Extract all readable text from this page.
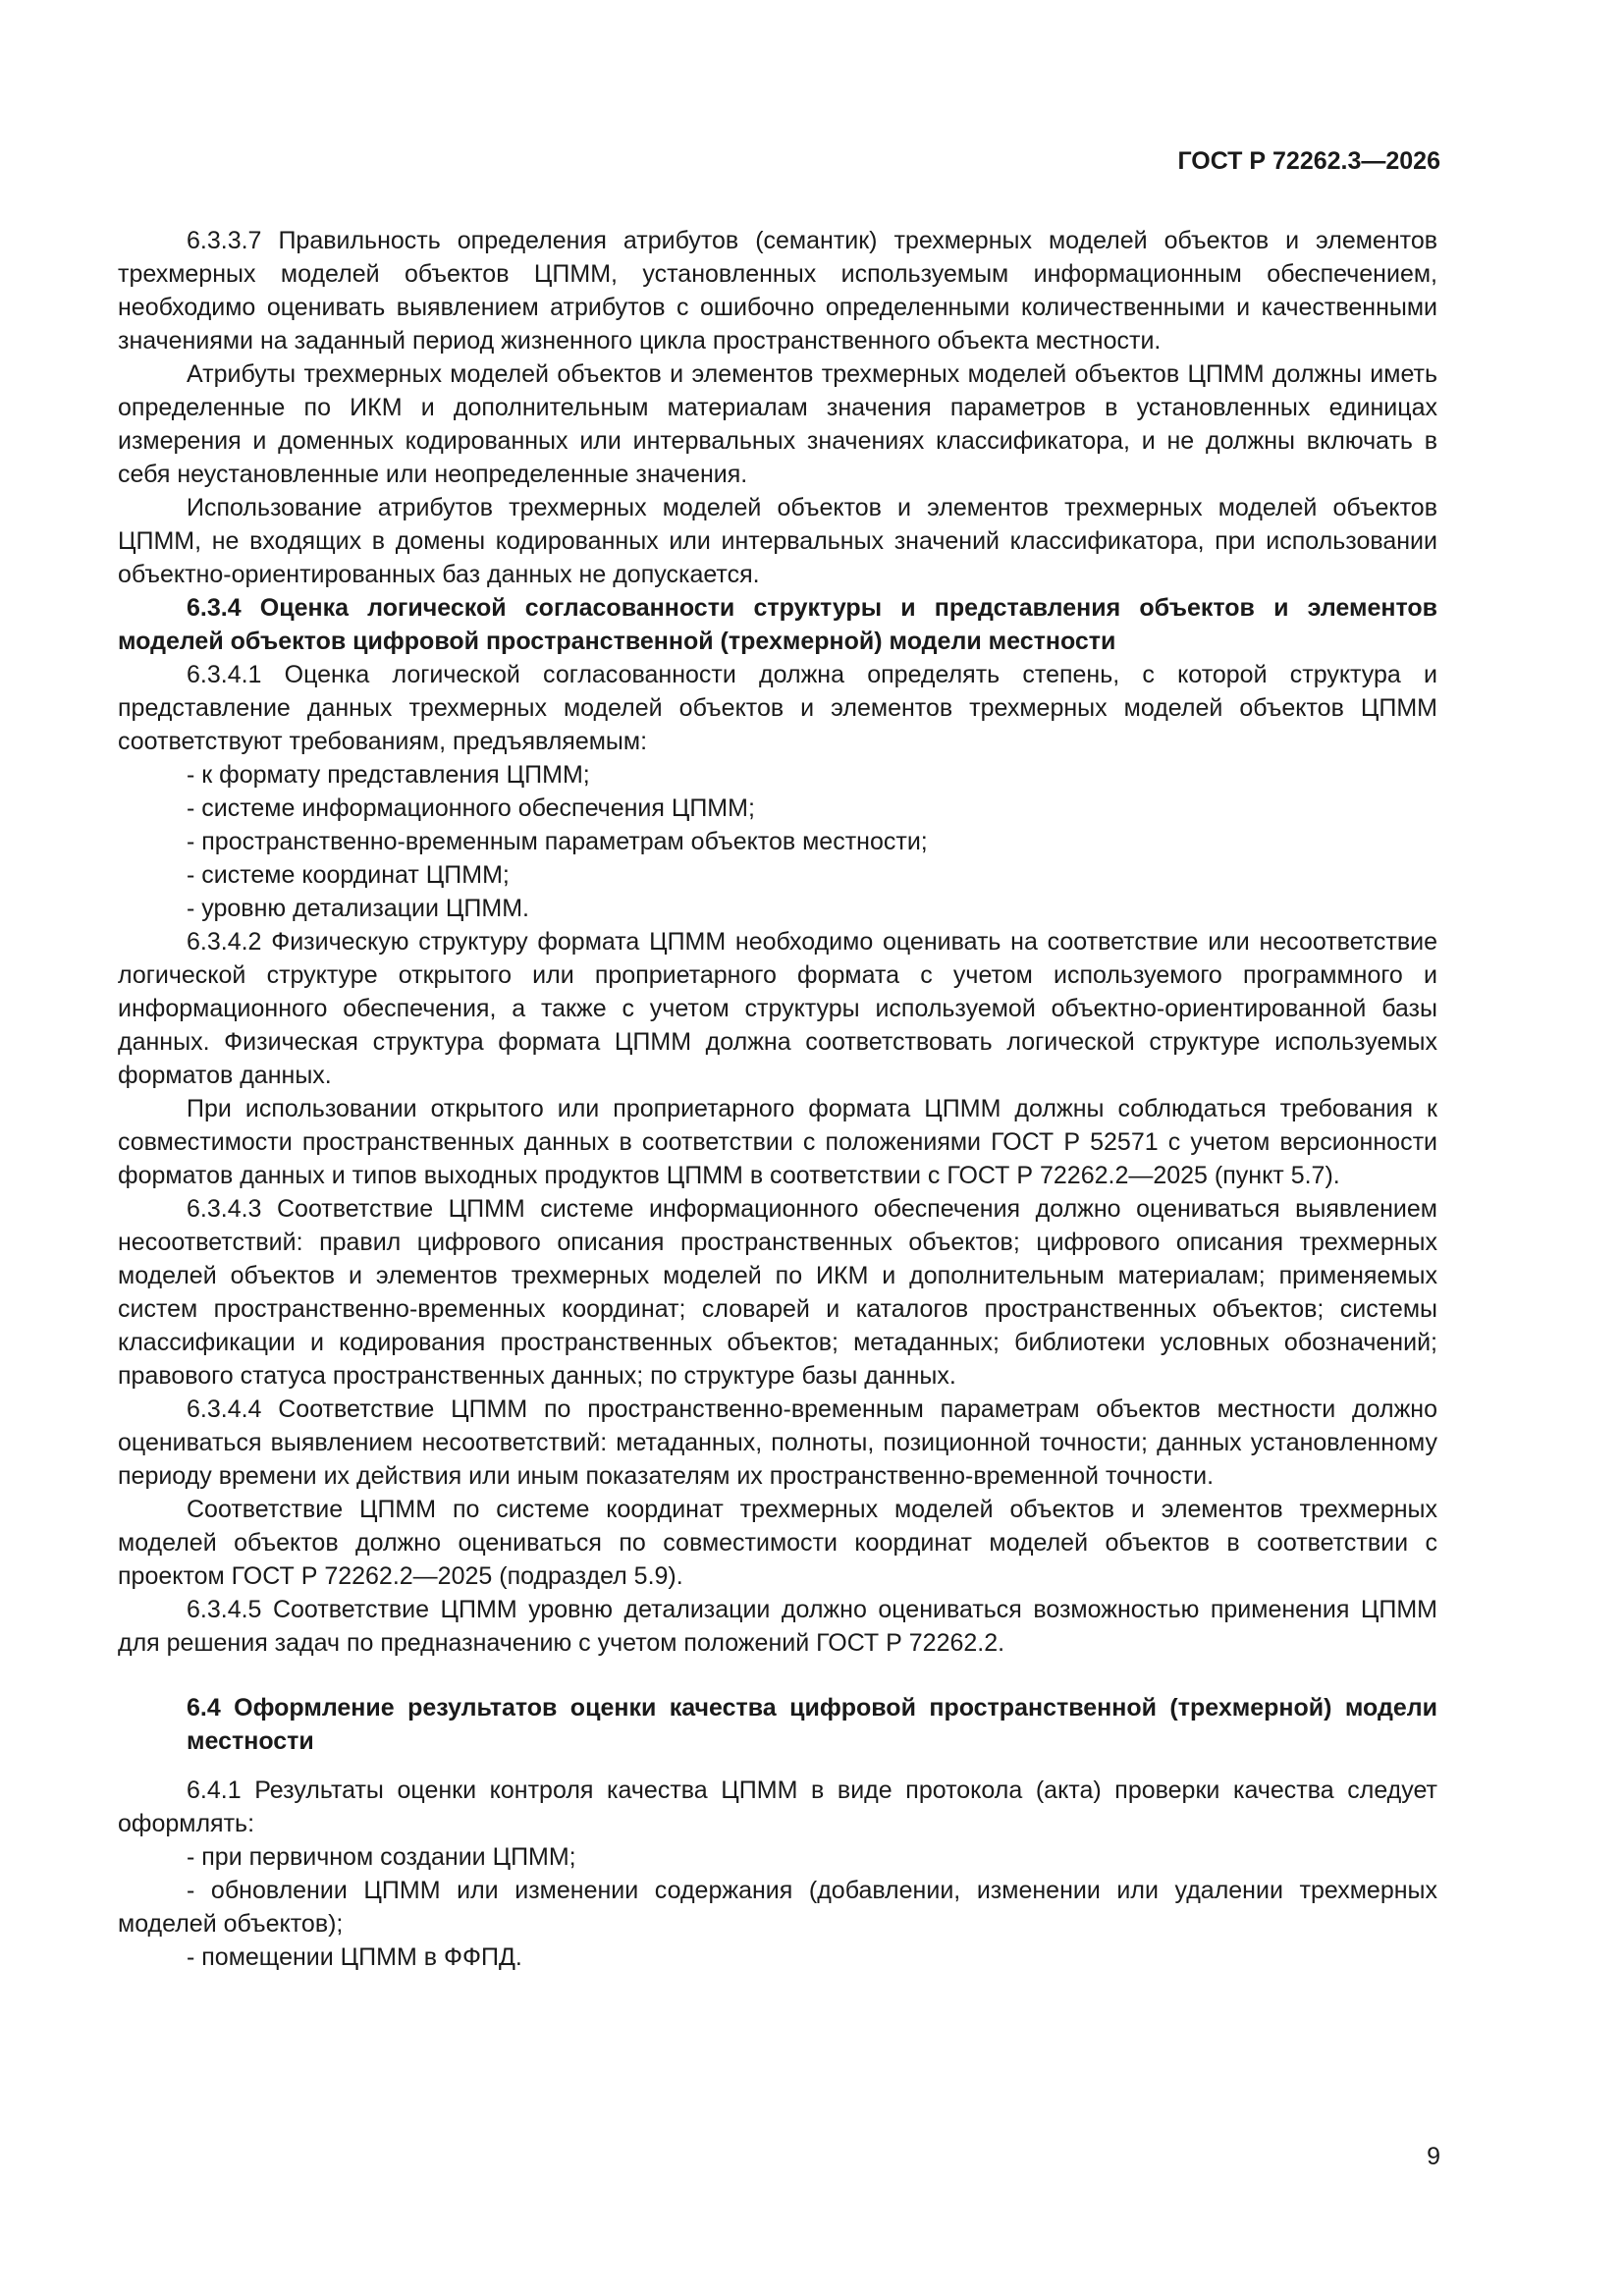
ГОСТ Р 72262.3—2026

6.3.3.7 Правильность определения атрибутов (семантик) трехмерных моделей объектов и элементов трехмерных моделей объектов ЦПММ, установленных используемым информационным обеспечением, необходимо оценивать выявлением атрибутов с ошибочно определенными количественными и качественными значениями на заданный период жизненного цикла пространственного объекта местности.

Атрибуты трехмерных моделей объектов и элементов трехмерных моделей объектов ЦПММ должны иметь определенные по ИКМ и дополнительным материалам значения параметров в установленных единицах измерения и доменных кодированных или интервальных значениях классификатора, и не должны включать в себя неустановленные или неопределенные значения.

Использование атрибутов трехмерных моделей объектов и элементов трехмерных моделей объектов ЦПММ, не входящих в домены кодированных или интервальных значений классификатора, при использовании объектно-ориентированных баз данных не допускается.

6.3.4 Оценка логической согласованности структуры и представления объектов и элементов моделей объектов цифровой пространственной (трехмерной) модели местности

6.3.4.1 Оценка логической согласованности должна определять степень, с которой структура и представление данных трехмерных моделей объектов и элементов трехмерных моделей объектов ЦПММ соответствуют требованиям, предъявляемым:

- к формату представления ЦПММ;
- системе информационного обеспечения ЦПММ;
- пространственно-временным параметрам объектов местности;
- системе координат ЦПММ;
- уровню детализации ЦПММ.

6.3.4.2 Физическую структуру формата ЦПММ необходимо оценивать на соответствие или несоответствие логической структуре открытого или проприетарного формата с учетом используемого программного и информационного обеспечения, а также с учетом структуры используемой объектно-ориентированной базы данных. Физическая структура формата ЦПММ должна соответствовать логической структуре используемых форматов данных.

При использовании открытого или проприетарного формата ЦПММ должны соблюдаться требования к совместимости пространственных данных в соответствии с положениями ГОСТ Р 52571 с учетом версионности форматов данных и типов выходных продуктов ЦПММ в соответствии с ГОСТ Р 72262.2—2025 (пункт 5.7).

6.3.4.3 Соответствие ЦПММ системе информационного обеспечения должно оцениваться выявлением несоответствий: правил цифрового описания пространственных объектов; цифрового описания трехмерных моделей объектов и элементов трехмерных моделей по ИКМ и дополнительным материалам; применяемых систем пространственно-временных координат; словарей и каталогов пространственных объектов; системы классификации и кодирования пространственных объектов; метаданных; библиотеки условных обозначений; правового статуса пространственных данных; по структуре базы данных.

6.3.4.4 Соответствие ЦПММ по пространственно-временным параметрам объектов местности должно оцениваться выявлением несоответствий: метаданных, полноты, позиционной точности; данных установленному периоду времени их действия или иным показателям их пространственно-временной точности.

Соответствие ЦПММ по системе координат трехмерных моделей объектов и элементов трехмерных моделей объектов должно оцениваться по совместимости координат моделей объектов в соответствии с проектом ГОСТ Р 72262.2—2025 (подраздел 5.9).

6.3.4.5 Соответствие ЦПММ уровню детализации должно оцениваться возможностью применения ЦПММ для решения задач по предназначению с учетом положений ГОСТ Р 72262.2.

6.4 Оформление результатов оценки качества цифровой пространственной (трехмерной) модели местности

6.4.1 Результаты оценки контроля качества ЦПММ в виде протокола (акта) проверки качества следует оформлять:

- при первичном создании ЦПММ;
- обновлении ЦПММ или изменении содержания (добавлении, изменении или удалении трехмерных моделей объектов);
- помещении ЦПММ в ФФПД.
9
